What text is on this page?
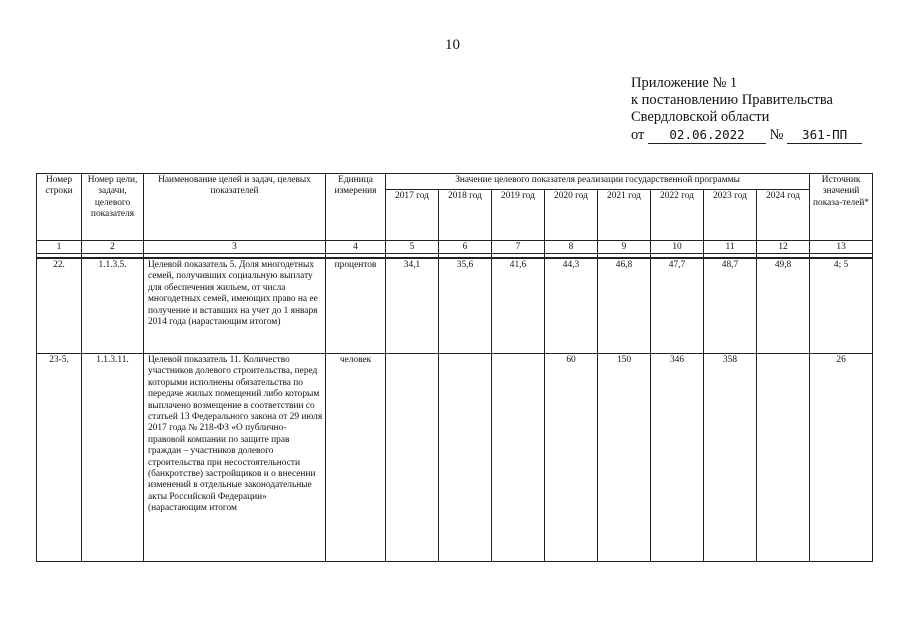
10
Приложение № 1
к постановлению Правительства
Свердловской области
от 02.06.2022 № 361-ПП
Номер строки	Номер цели, задачи, целевого показателя	Наименование целей и задач, целевых показателей	Единица измерения	Значение целевого показателя реализации государственной программы								Источник значений показа-телей*
				2017 год	2018 год	2019 год	2020 год	2021 год	2022 год	2023 год	2024 год	
1	2	3	4	5	6	7	8	9	10	11	12	13

22.	1.1.3.5.	Целевой показатель 5. Доля многодетных семей, получивших социальную выплату для обеспечения жильем, от числа многодетных семей, имеющих право на ее получение и вставших на учет до 1 января 2014 года (нарастающим итогом)	процентов	34,1	35,6	41,6	44,3	46,8	47,7	48,7	49,8	4; 5
23-5.	1.1.3.11.	Целевой показатель 11. Количество участников долевого строительства, перед которыми исполнены обязательства по передаче жилых помещений либо которым выплачено возмещение в соответствии со статьей 13 Федерального закона от 29 июля 2017 года № 218-ФЗ «О публично-правовой компании по защите прав граждан – участников долевого строительства при несостоятельности (банкротстве) застройщиков и о внесении изменений в отдельные законодательные акты Российской Федерации» (нарастающим итогом	человек				60	150	346	358		26
